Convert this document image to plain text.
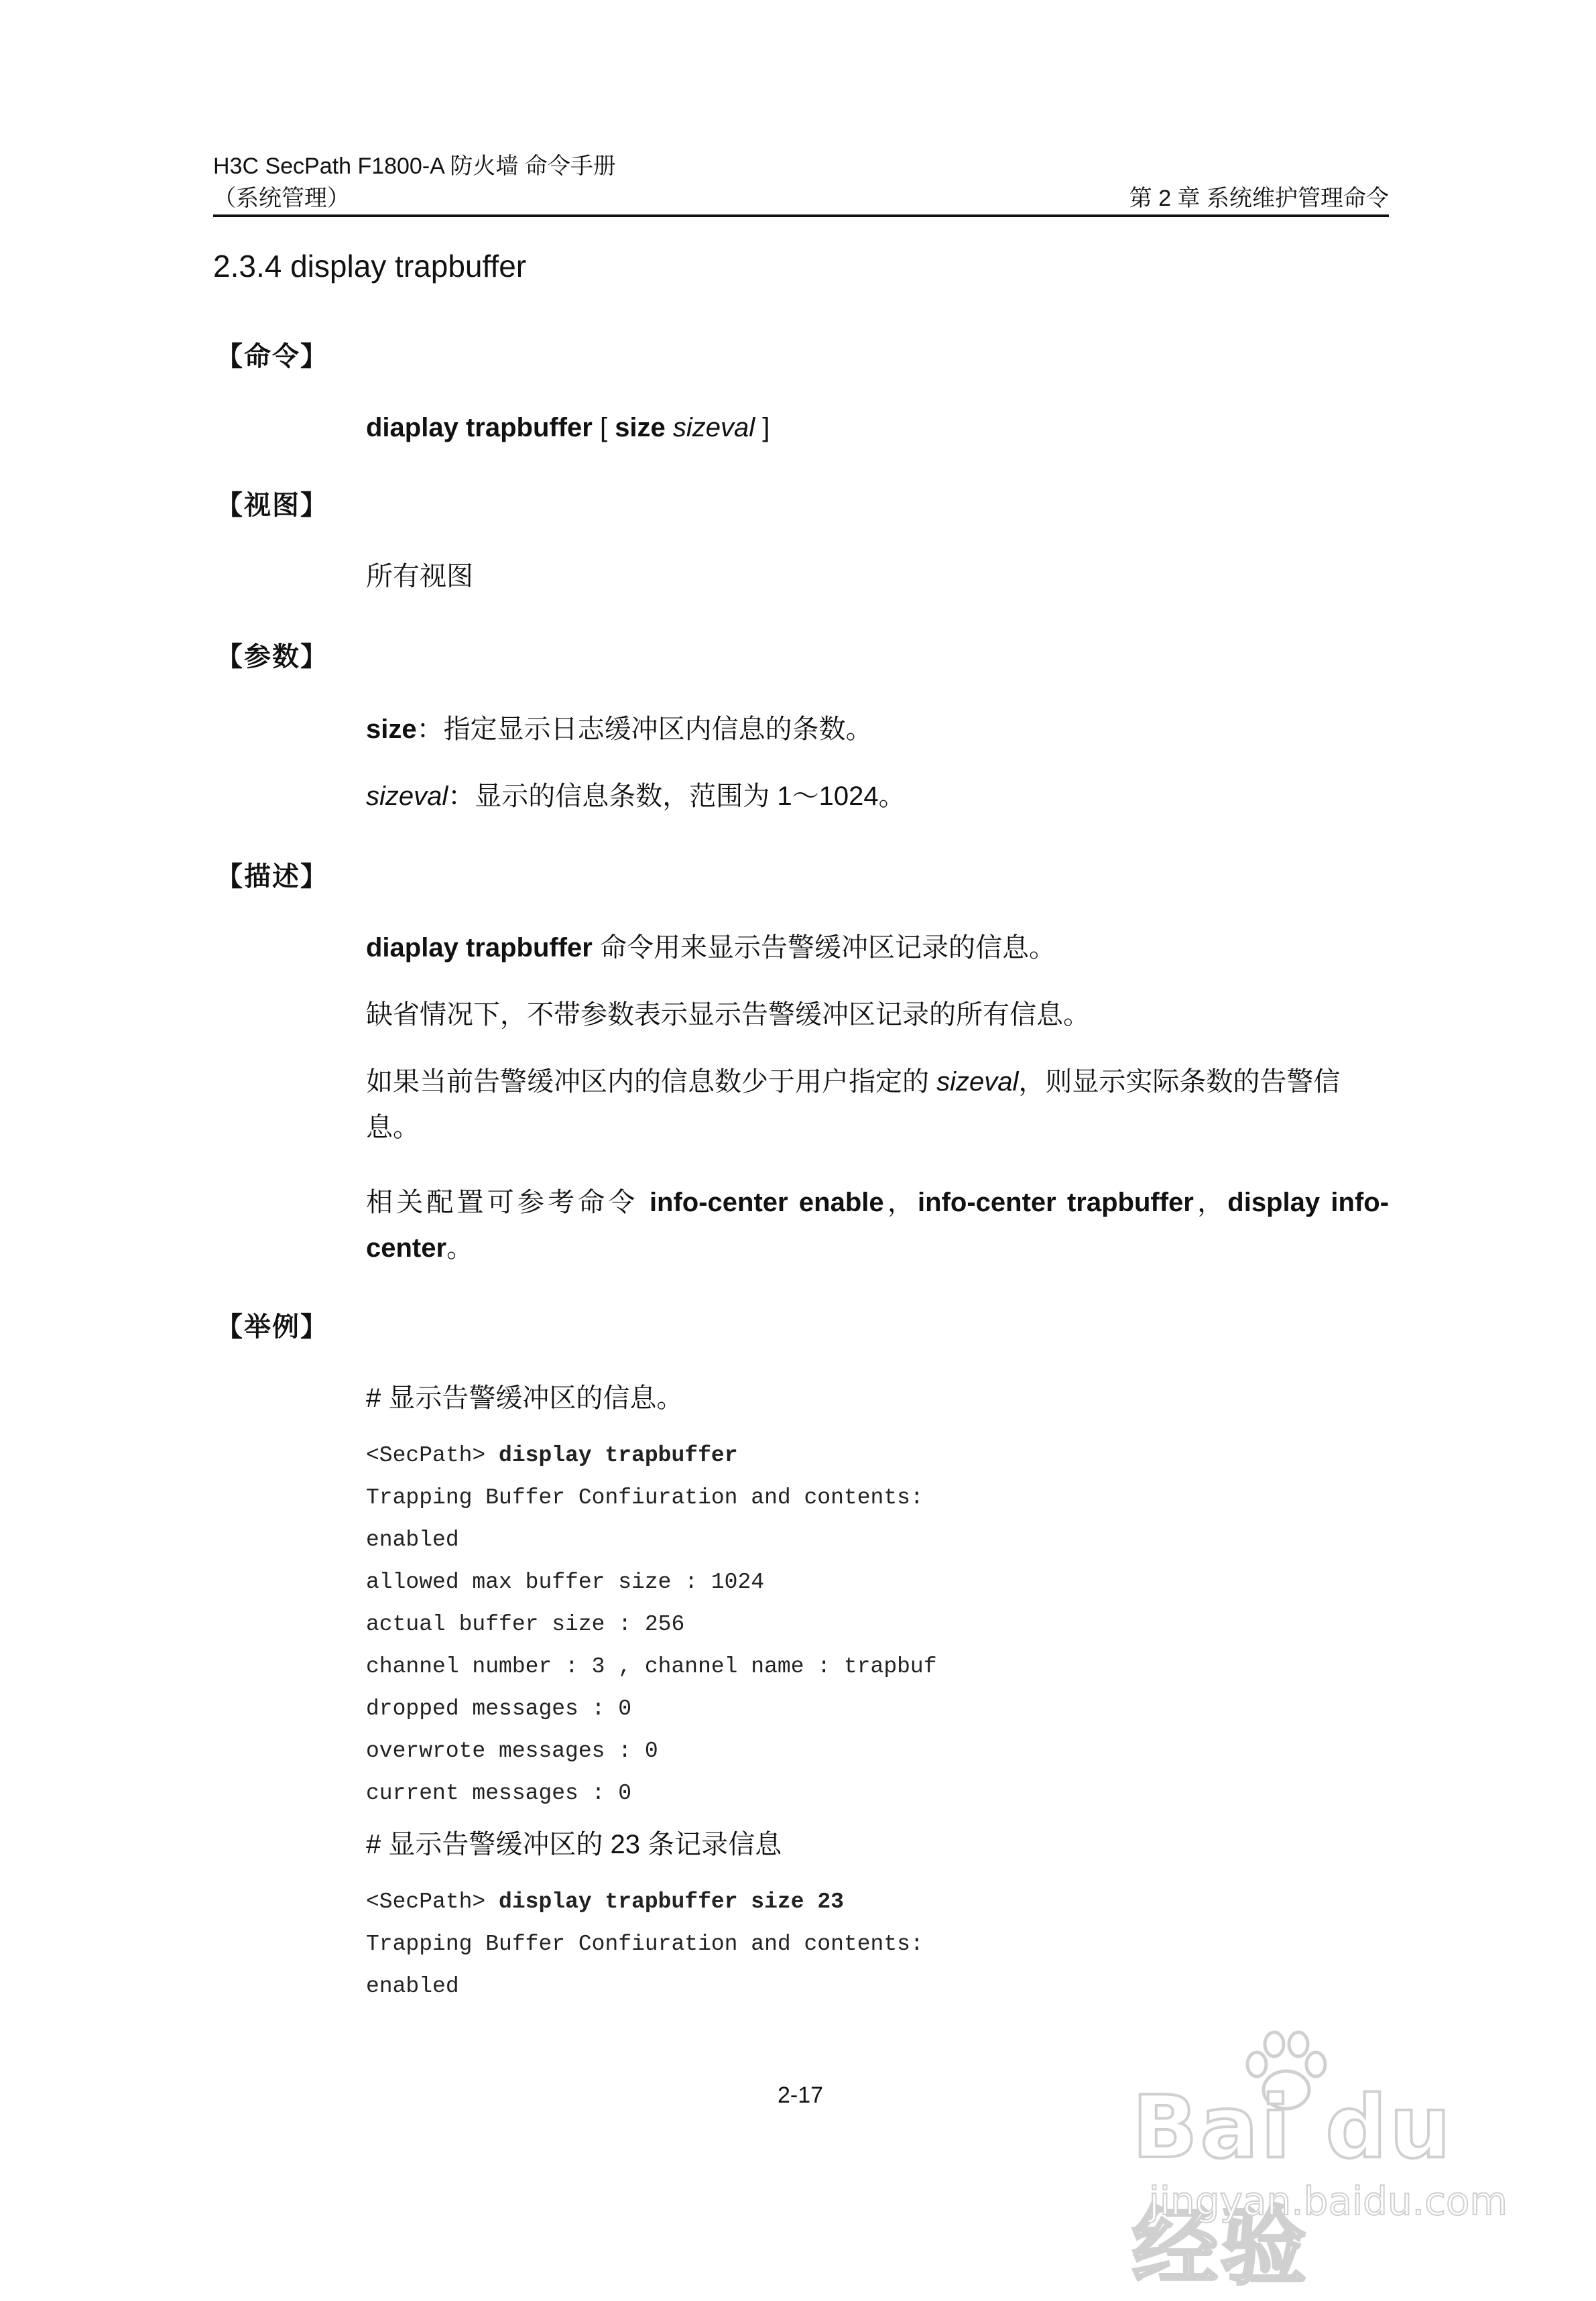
H3C SecPath F1800-A 防火墙 命令手册
（系统管理）	第 2 章 系统维护管理命令
2.3.4 display trapbuffer
【命令】
diaplay trapbuffer [ size sizeval ]
【视图】
所有视图
【参数】
size：指定显示日志缓冲区内信息的条数。
sizeval：显示的信息条数，范围为 1～1024。
【描述】
diaplay trapbuffer 命令用来显示告警缓冲区记录的信息。
缺省情况下，不带参数表示显示告警缓冲区记录的所有信息。
如果当前告警缓冲区内的信息数少于用户指定的 sizeval，则显示实际条数的告警信息。
相关配置可参考命令 info-center enable，info-center trapbuffer，display info-center。
【举例】
# 显示告警缓冲区的信息。
<SecPath> display trapbuffer
Trapping Buffer Confiuration and contents:
enabled
allowed max buffer size : 1024
actual buffer size : 256
channel number : 3 , channel name : trapbuf
dropped messages : 0
overwrote messages : 0
current messages : 0
# 显示告警缓冲区的 23 条记录信息
<SecPath> display trapbuffer size 23
Trapping Buffer Confiuration and contents:
enabled
2-17	Bai du 经验
jingyan.baidu.com
